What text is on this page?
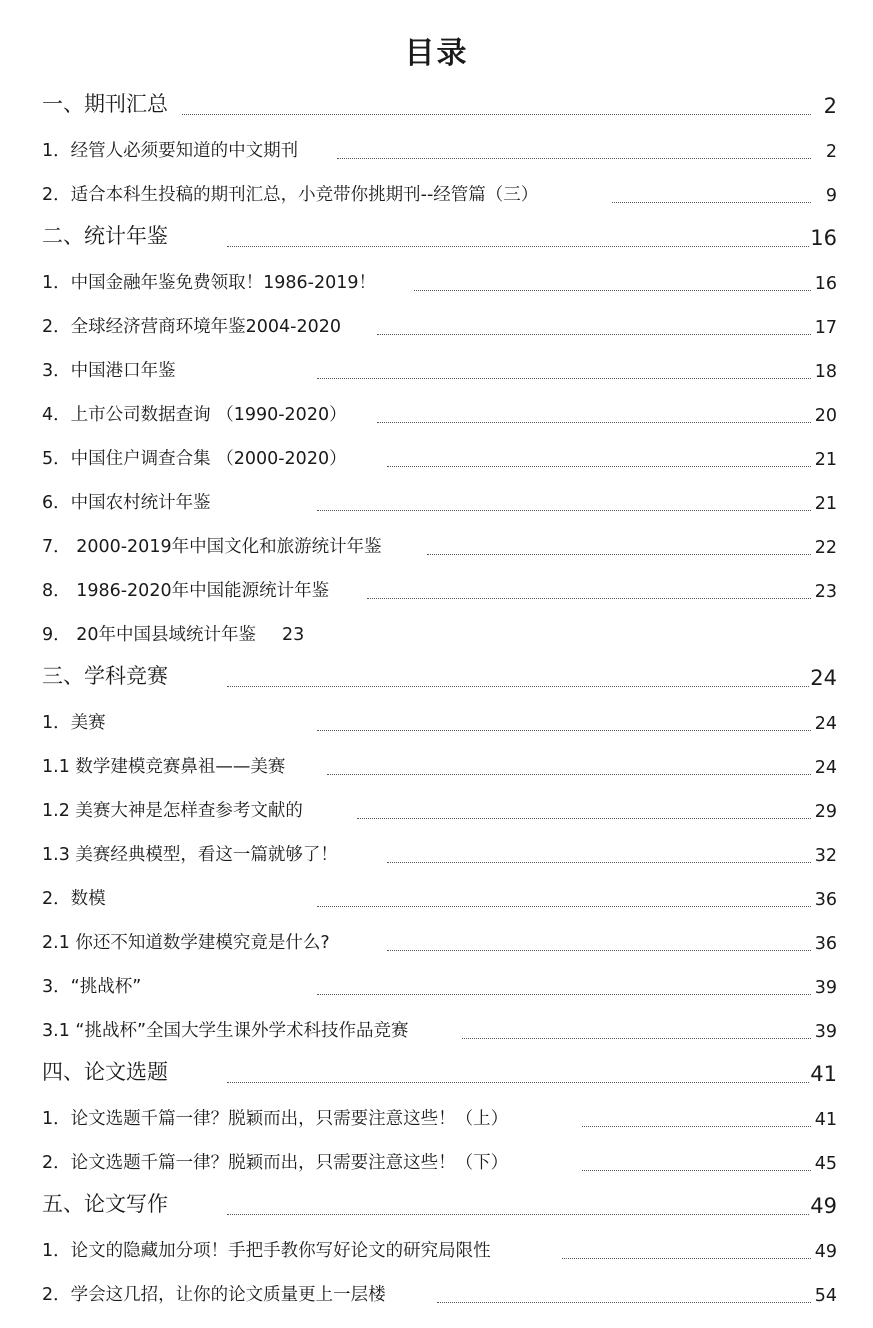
目录
一、期刊汇总	2
1．经管人必须要知道的中文期刊	2
2．适合本科生投稿的期刊汇总，小竞带你挑期刊--经管篇（三）	9
二、统计年鉴	16
1．中国金融年鉴免费领取！1986-2019！	16
2．全球经济营商环境年鉴2004-2020	17
3．中国港口年鉴	18
4．上市公司数据查询 （1990-2020）	20
5．中国住户调查合集 （2000-2020）	21
6．中国农村统计年鉴	21
7． 2000-2019年中国文化和旅游统计年鉴	22
8． 1986-2020年中国能源统计年鉴	23
9． 20年中国县域统计年鉴 23
三、学科竞赛	24
1．美赛	24
1.1 数学建模竞赛鼻祖——美赛	24
1.2 美赛大神是怎样查参考文献的	29
1.3 美赛经典模型，看这一篇就够了！	32
2．数模	36
2.1 你还不知道数学建模究竟是什么?	36
3．“挑战杯”	39
3.1 “挑战杯”全国大学生课外学术科技作品竞赛	39
四、论文选题	41
1．论文选题千篇一律？脱颖而出，只需要注意这些！（上）	41
2．论文选题千篇一律？脱颖而出，只需要注意这些！（下）	45
五、论文写作	49
1．论文的隐藏加分项！手把手教你写好论文的研究局限性	49
2．学会这几招，让你的论文质量更上一层楼	54
